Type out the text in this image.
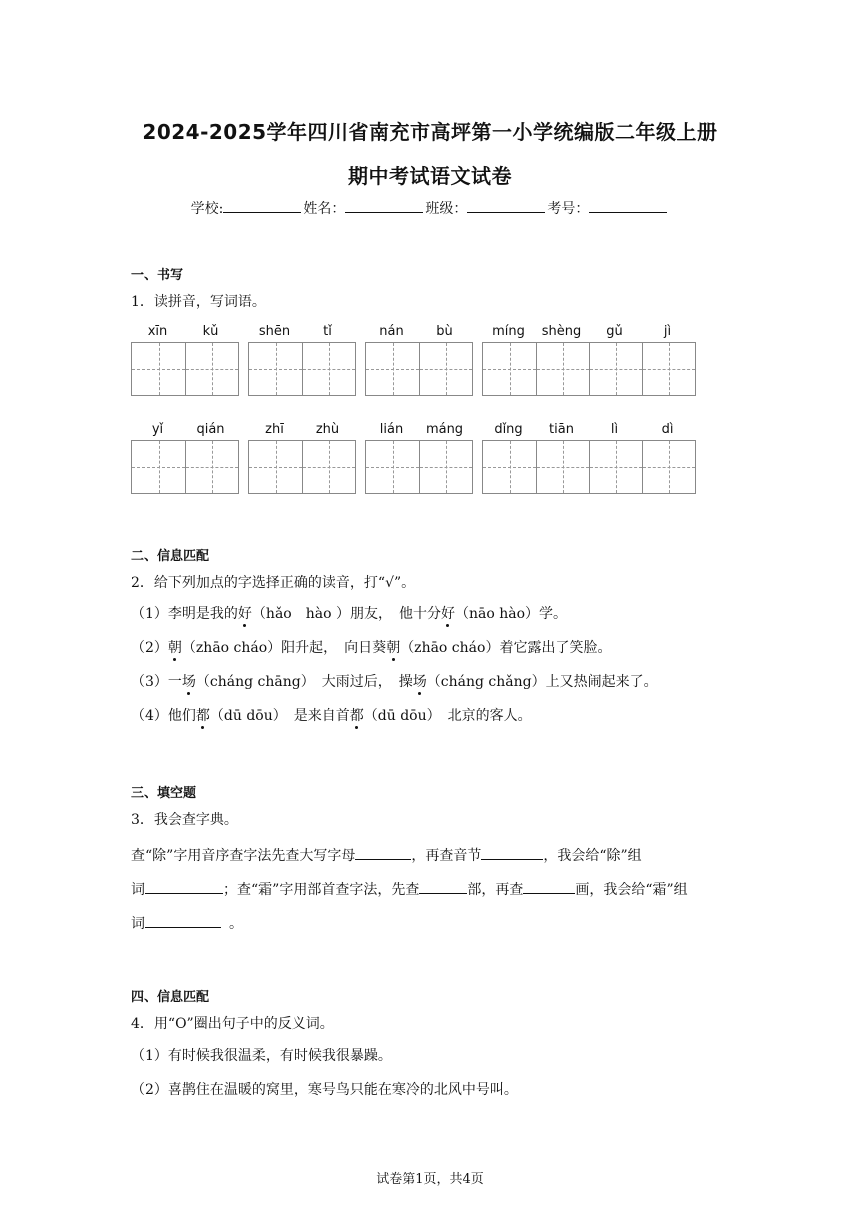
2024-2025学年四川省南充市高坪第一小学统编版二年级上册
期中考试语文试卷
学校:	姓名：	班级：	考号：
一、书写
1．读拼音，写词语。
xīn	kǔ	shēn	tǐ	nán	bù	míng	shèng	gǔ	jì
yǐ	qián	zhī	zhù	lián	máng	dǐng	tiān	lì	dì
二、信息匹配
2．给下列加点的字选择正确的读音，打“√”。
（1）李明是我的好（hǎo　hào ）朋友，　他十分好（nāo hào）学。
（2）朝（zhāo cháo）阳升起，　向日葵朝（zhāo cháo）着它露出了笑脸。
（3）一场（cháng chāng）　大雨过后，　操场（cháng chǎng）上又热闹起来了。
（4）他们都（dū dōu）　是来自首都（dū dōu）　北京的客人。
三、填空题
3．我会查字典。
查“除”字用音序查字法先查大写字母	，再查音节	，我会给“除”组
词	；查“霜”字用部首查字法，先查	部，再查	画，我会给“霜”组
词	。
四、信息匹配
4．用“O”圈出句子中的反义词。
（1）有时候我很温柔，有时候我很暴躁。
（2）喜鹊住在温暖的窝里，寒号鸟只能在寒冷的北风中号叫。
试卷第1页，共4页
